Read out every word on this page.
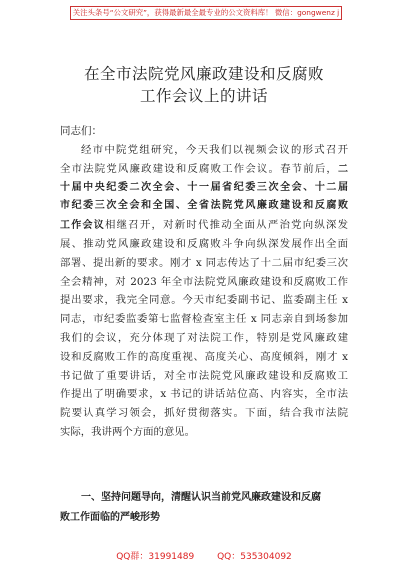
关注头条号“公文研究”，获得最新最全最专业的公文资料库！ 微信：gongwenz j
在全市法院党风廉政建设和反腐败
工作会议上的讲话
同志们：
经市中院党组研究，今天我们以视频会议的形式召开
全市法院党风廉政建设和反腐败工作会议。春节前后，二
十届中央纪委二次全会、十一届省纪委三次全会、十二届
市纪委三次全会和全国、全省法院党风廉政建设和反腐败
工作会议相继召开，对新时代推动全面从严治党向纵深发
展、推动党风廉政建设和反腐败斗争向纵深发展作出全面
部署、提出新的要求。刚才 x 同志传达了十二届市纪委三次
全会精神，对 2023 年全市法院党风廉政建设和反腐败工作
提出要求，我完全同意。今天市纪委副书记、监委副主任 x
同志，市纪委监委第七监督检查室主任 x 同志亲自到场参加
我们的会议，充分体现了对法院工作，特别是党风廉政建
设和反腐败工作的高度重视、高度关心、高度倾斜，刚才 x
书记做了重要讲话，对全市法院党风廉政建设和反腐败工
作提出了明确要求，x 书记的讲话站位高、内容实，全市法
院要认真学习领会，抓好贯彻落实。下面，结合我市法院
实际，我讲两个方面的意见。
一、坚持问题导向，清醒认识当前党风廉政建设和反腐
败工作面临的严峻形势
QQ群：31991489	QQ：535304092
